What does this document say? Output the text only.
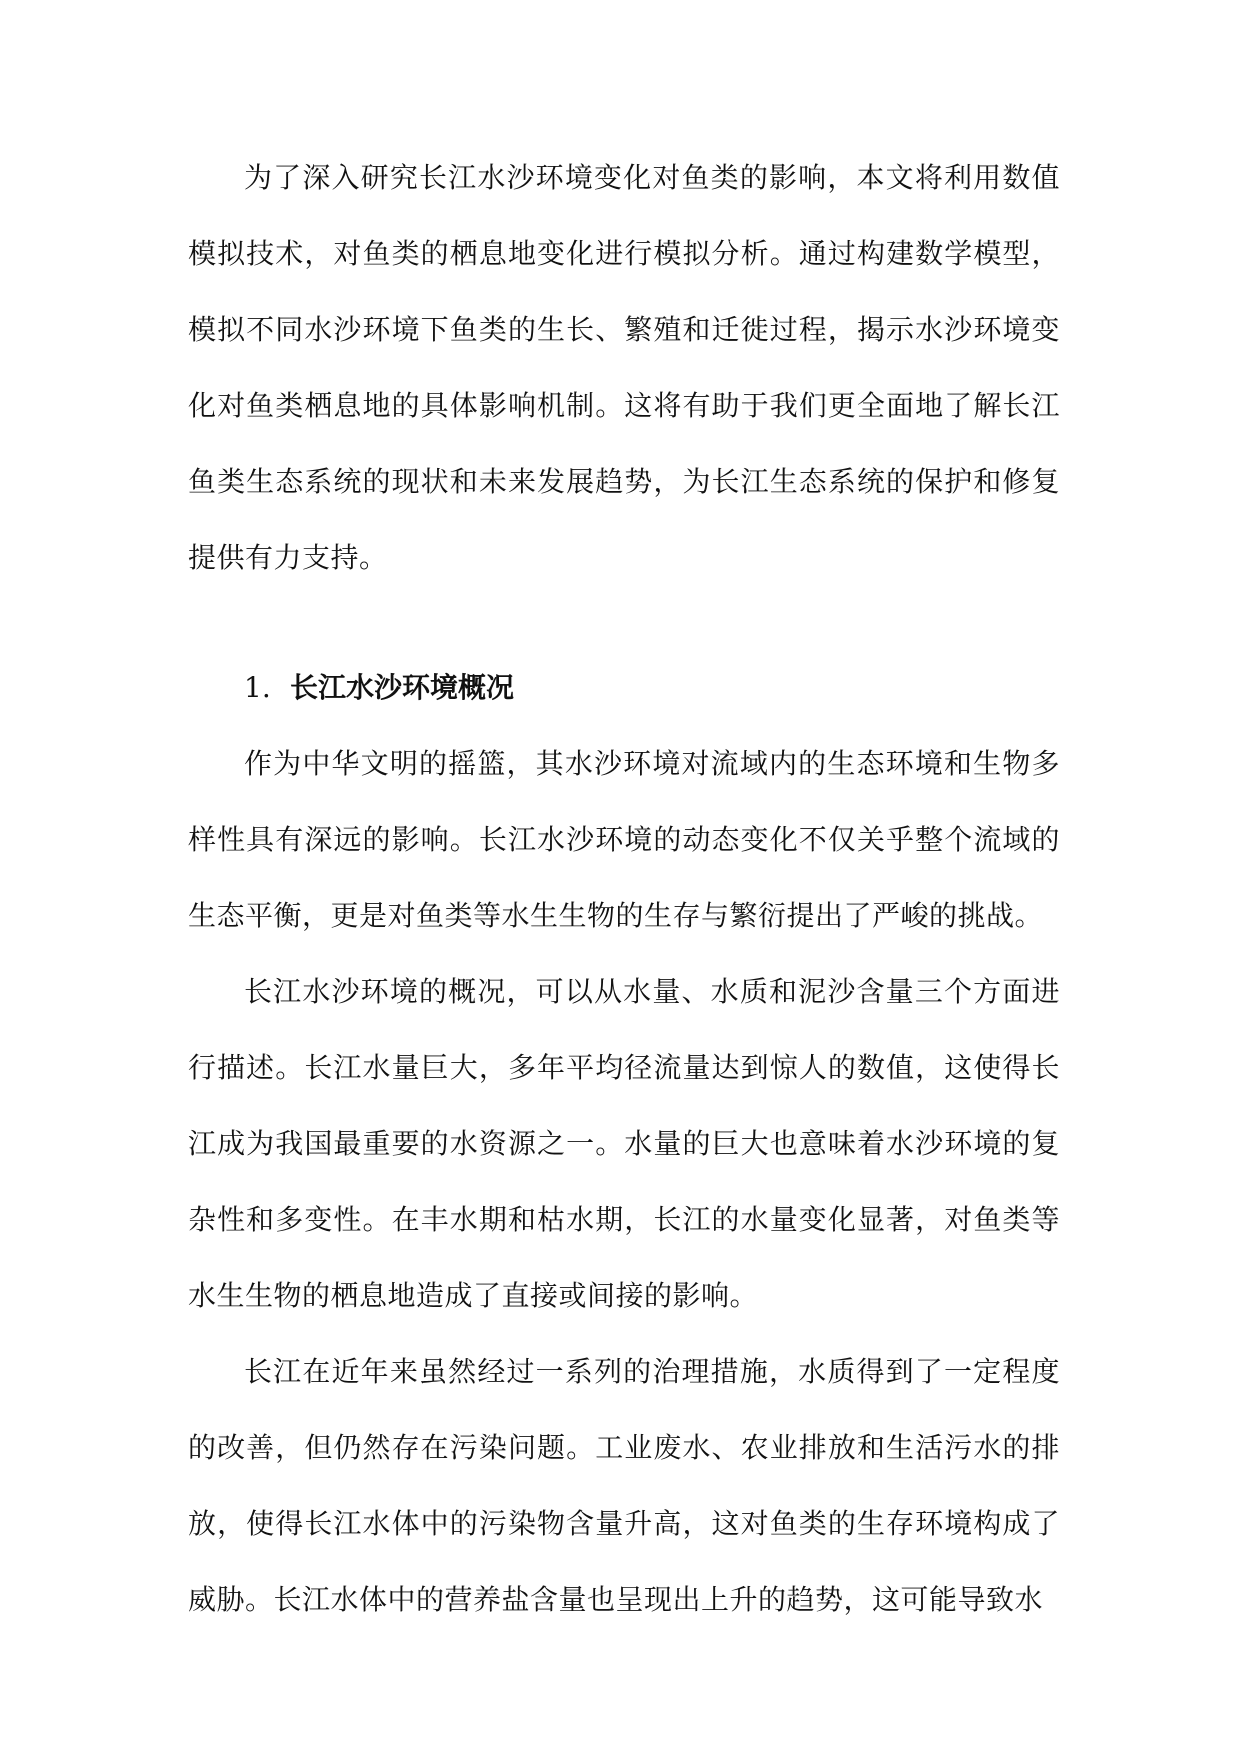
为了深入研究长江水沙环境变化对鱼类的影响，本文将利用数值模拟技术，对鱼类的栖息地变化进行模拟分析。通过构建数学模型，模拟不同水沙环境下鱼类的生长、繁殖和迁徙过程，揭示水沙环境变化对鱼类栖息地的具体影响机制。这将有助于我们更全面地了解长江鱼类生态系统的现状和未来发展趋势，为长江生态系统的保护和修复提供有力支持。

1. 长江水沙环境概况

作为中华文明的摇篮，其水沙环境对流域内的生态环境和生物多样性具有深远的影响。长江水沙环境的动态变化不仅关乎整个流域的生态平衡，更是对鱼类等水生生物的生存与繁衍提出了严峻的挑战。

长江水沙环境的概况，可以从水量、水质和泥沙含量三个方面进行描述。长江水量巨大，多年平均径流量达到惊人的数值，这使得长江成为我国最重要的水资源之一。水量的巨大也意味着水沙环境的复杂性和多变性。在丰水期和枯水期，长江的水量变化显著，对鱼类等水生生物的栖息地造成了直接或间接的影响。

长江在近年来虽然经过一系列的治理措施，水质得到了一定程度的改善，但仍然存在污染问题。工业废水、农业排放和生活污水的排放，使得长江水体中的污染物含量升高，这对鱼类的生存环境构成了威胁。长江水体中的营养盐含量也呈现出上升的趋势，这可能导致水
